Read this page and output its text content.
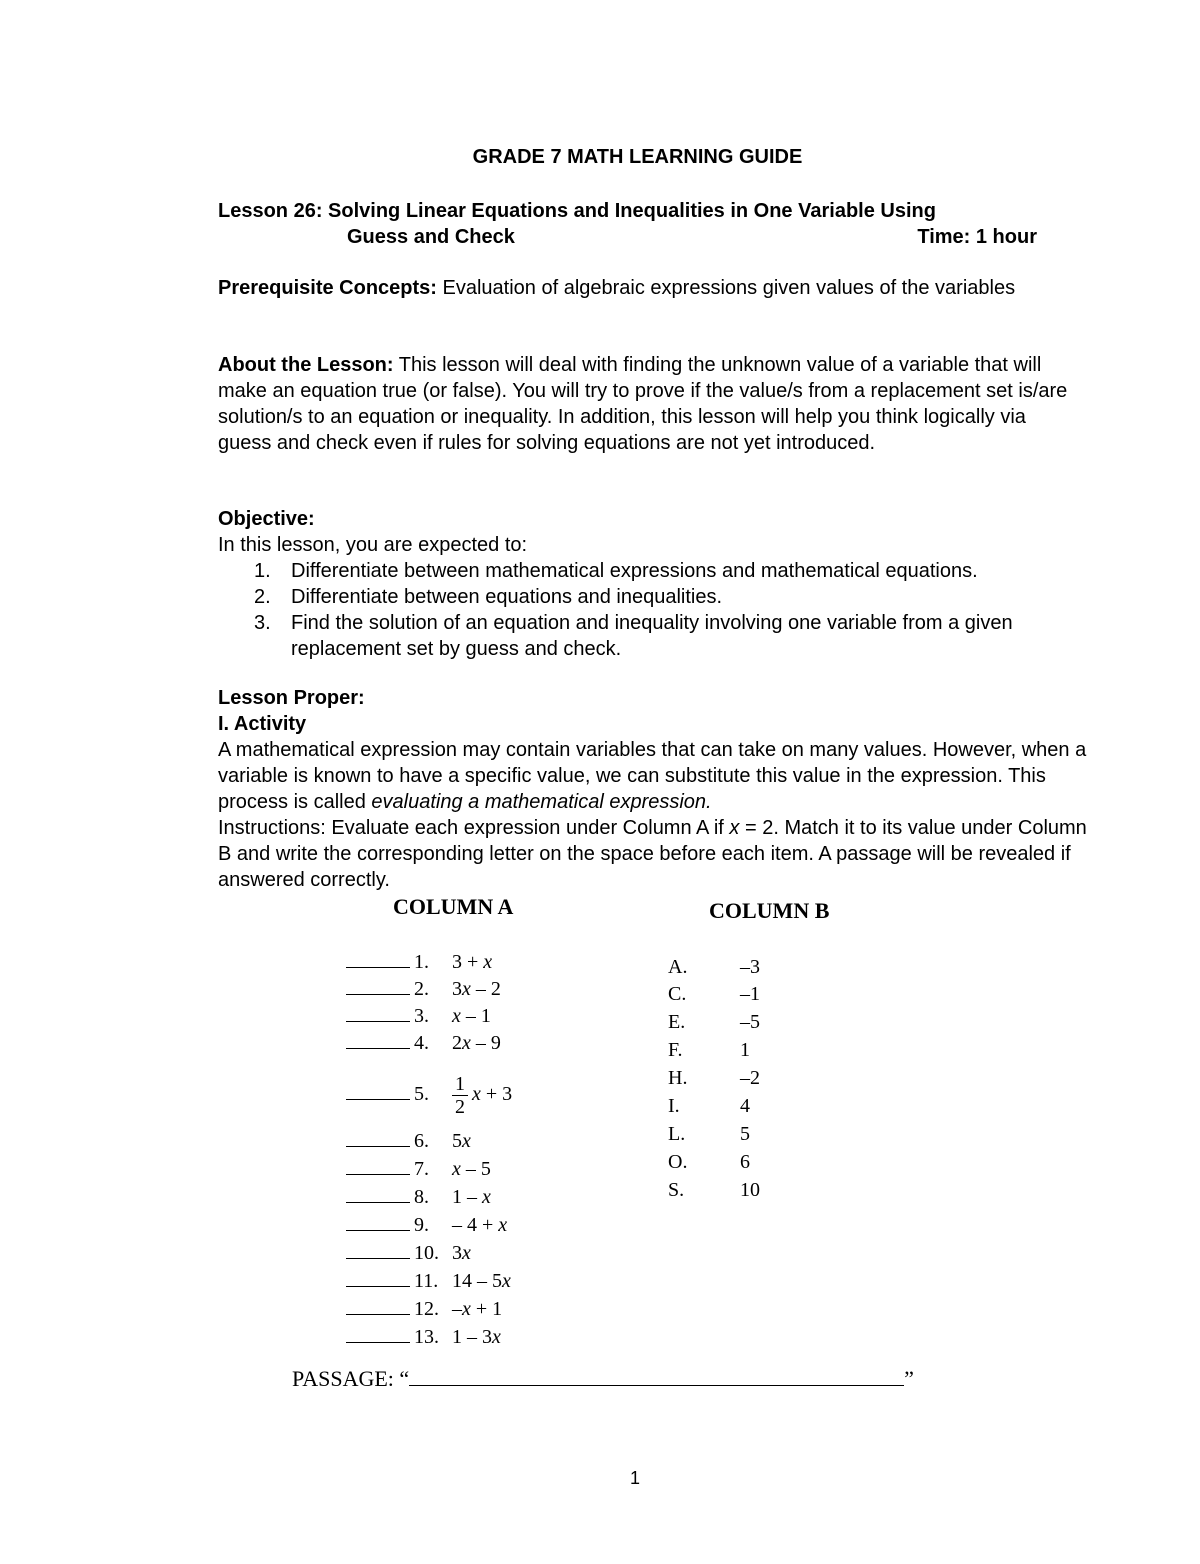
GRADE 7 MATH LEARNING GUIDE
Lesson 26: Solving Linear Equations and Inequalities in One Variable Using
Guess and Check	Time: 1 hour
Prerequisite Concepts: Evaluation of algebraic expressions given values of the variables
About the Lesson: This lesson will deal with finding the unknown value of a variable that will make an equation true (or false). You will try to prove if the value/s from a replacement set is/are solution/s to an equation or inequality. In addition, this lesson will help you think logically via guess and check even if rules for solving equations are not yet introduced.
Objective:
In this lesson, you are expected to:
1. Differentiate between mathematical expressions and mathematical equations.
2. Differentiate between equations and inequalities.
3. Find the solution of an equation and inequality involving one variable from a given replacement set by guess and check.
Lesson Proper:
I. Activity
A mathematical expression may contain variables that can take on many values. However, when a variable is known to have a specific value, we can substitute this value in the expression. This process is called evaluating a mathematical expression.
Instructions: Evaluate each expression under Column A if x = 2. Match it to its value under Column B and write the corresponding letter on the space before each item. A passage will be revealed if answered correctly.
COLUMN A	COLUMN B
1. 3 + x
2. 3x – 2
3. x – 1
4. 2x – 9
5. $\frac{1}{2}$ x + 3
6. 5x
7. x – 5
8. 1 – x
9. – 4 + x
10. 3x
11. 14 – 5x
12. –x + 1
13. 1 – 3x
A.	–3
C.	–1
E.	–5
F.	1
H.	–2
I.	4
L.	5
O.	6
S.	10
PASSAGE: “	”
1
